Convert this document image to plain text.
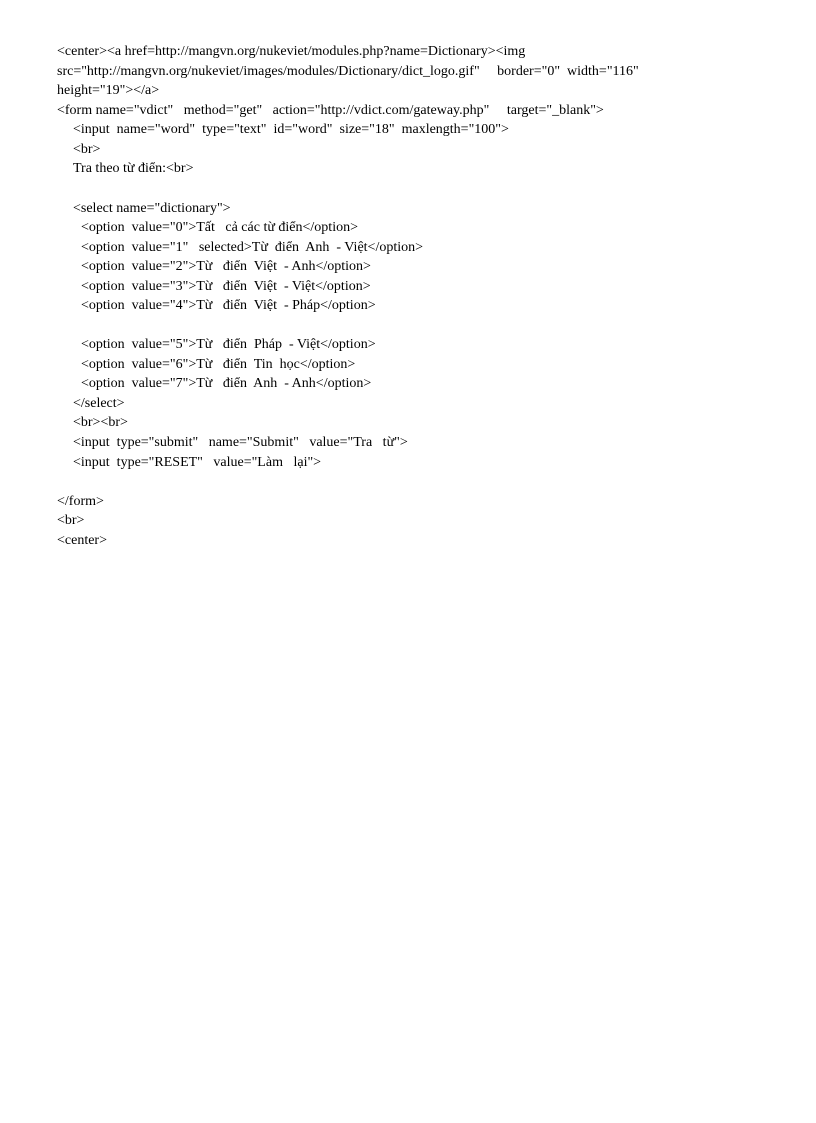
<center><a href=http://mangvn.org/nukeviet/modules.php?name=Dictionary><img
src="http://mangvn.org/nukeviet/images/modules/Dictionary/dict_logo.gif"     border="0"  width="116"
height="19"></a>
<form name="vdict"   method="get"   action="http://vdict.com/gateway.php"     target="_blank">
<input  name="word"  type="text"  id="word"  size="18"  maxlength="100">
<br>
Tra theo từ điển:<br>
<select name="dictionary">
<option  value="0">Tất   cả các từ điển</option>
<option  value="1"   selected>Từ  điển  Anh  - Việt</option>
<option  value="2">Từ   điển  Việt  - Anh</option>
<option  value="3">Từ   điển  Việt  - Việt</option>
<option  value="4">Từ   điển  Việt  - Pháp</option>
<option  value="5">Từ   điển  Pháp  - Việt</option>
<option  value="6">Từ   điển  Tin  học</option>
<option  value="7">Từ   điển  Anh  - Anh</option>
</select>
<br><br>
<input  type="submit"   name="Submit"   value="Tra   từ">
<input  type="RESET"   value="Làm   lại">
</form>
<br>
<center>
